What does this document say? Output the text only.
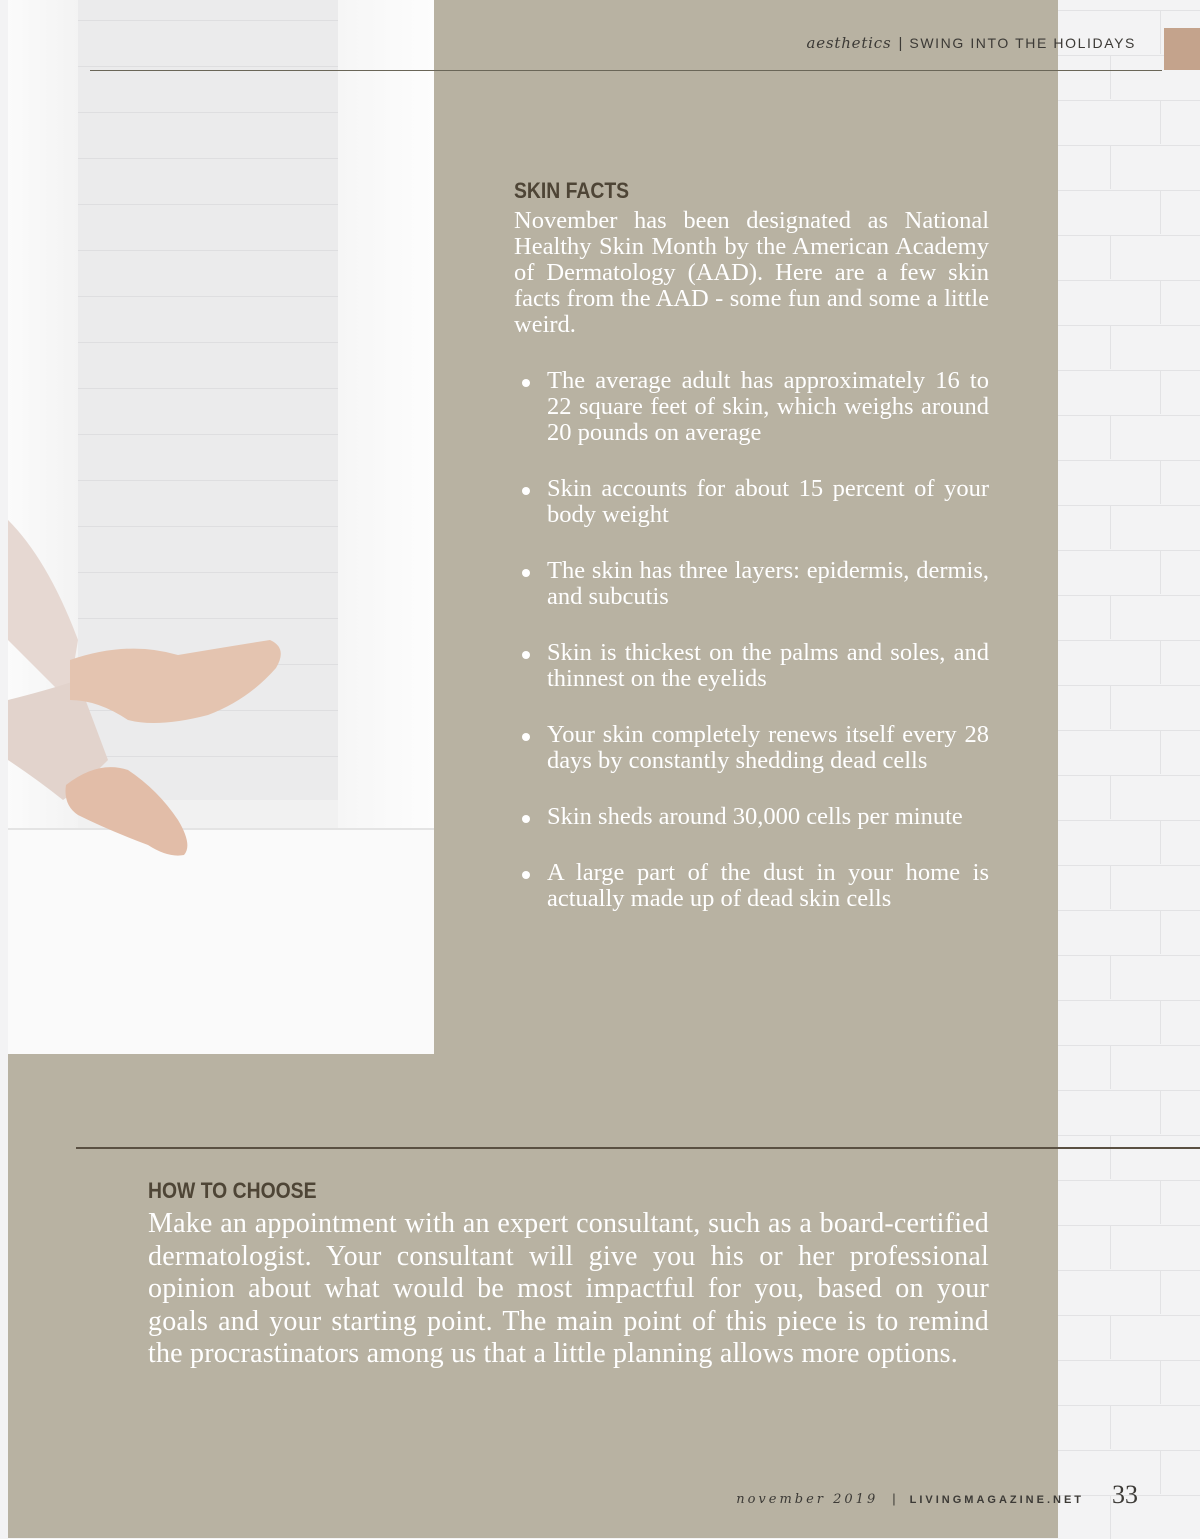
aesthetics | SWING INTO THE HOLIDAYS
SKIN FACTS

November has been designated as National Healthy Skin Month by the American Academy of Dermatology (AAD). Here are a few skin facts from the AAD - some fun and some a little weird.

The average adult has approximately 16 to 22 square feet of skin, which weighs around 20 pounds on average
Skin accounts for about 15 percent of your body weight
The skin has three layers: epidermis, dermis, and subcutis
Skin is thickest on the palms and soles, and thinnest on the eyelids
Your skin completely renews itself every 28 days by constantly shedding dead cells
Skin sheds around 30,000 cells per minute
A large part of the dust in your home is actually made up of dead skin cells
HOW TO CHOOSE

Make an appointment with an expert consultant, such as a board-certified dermatologist. Your consultant will give you his or her professional opinion about what would be most impactful for you, based on your goals and your starting point. The main point of this piece is to remind the procrastinators among us that a little planning allows more options.

november 2019 | LIVINGMAGAZINE.NET 33
